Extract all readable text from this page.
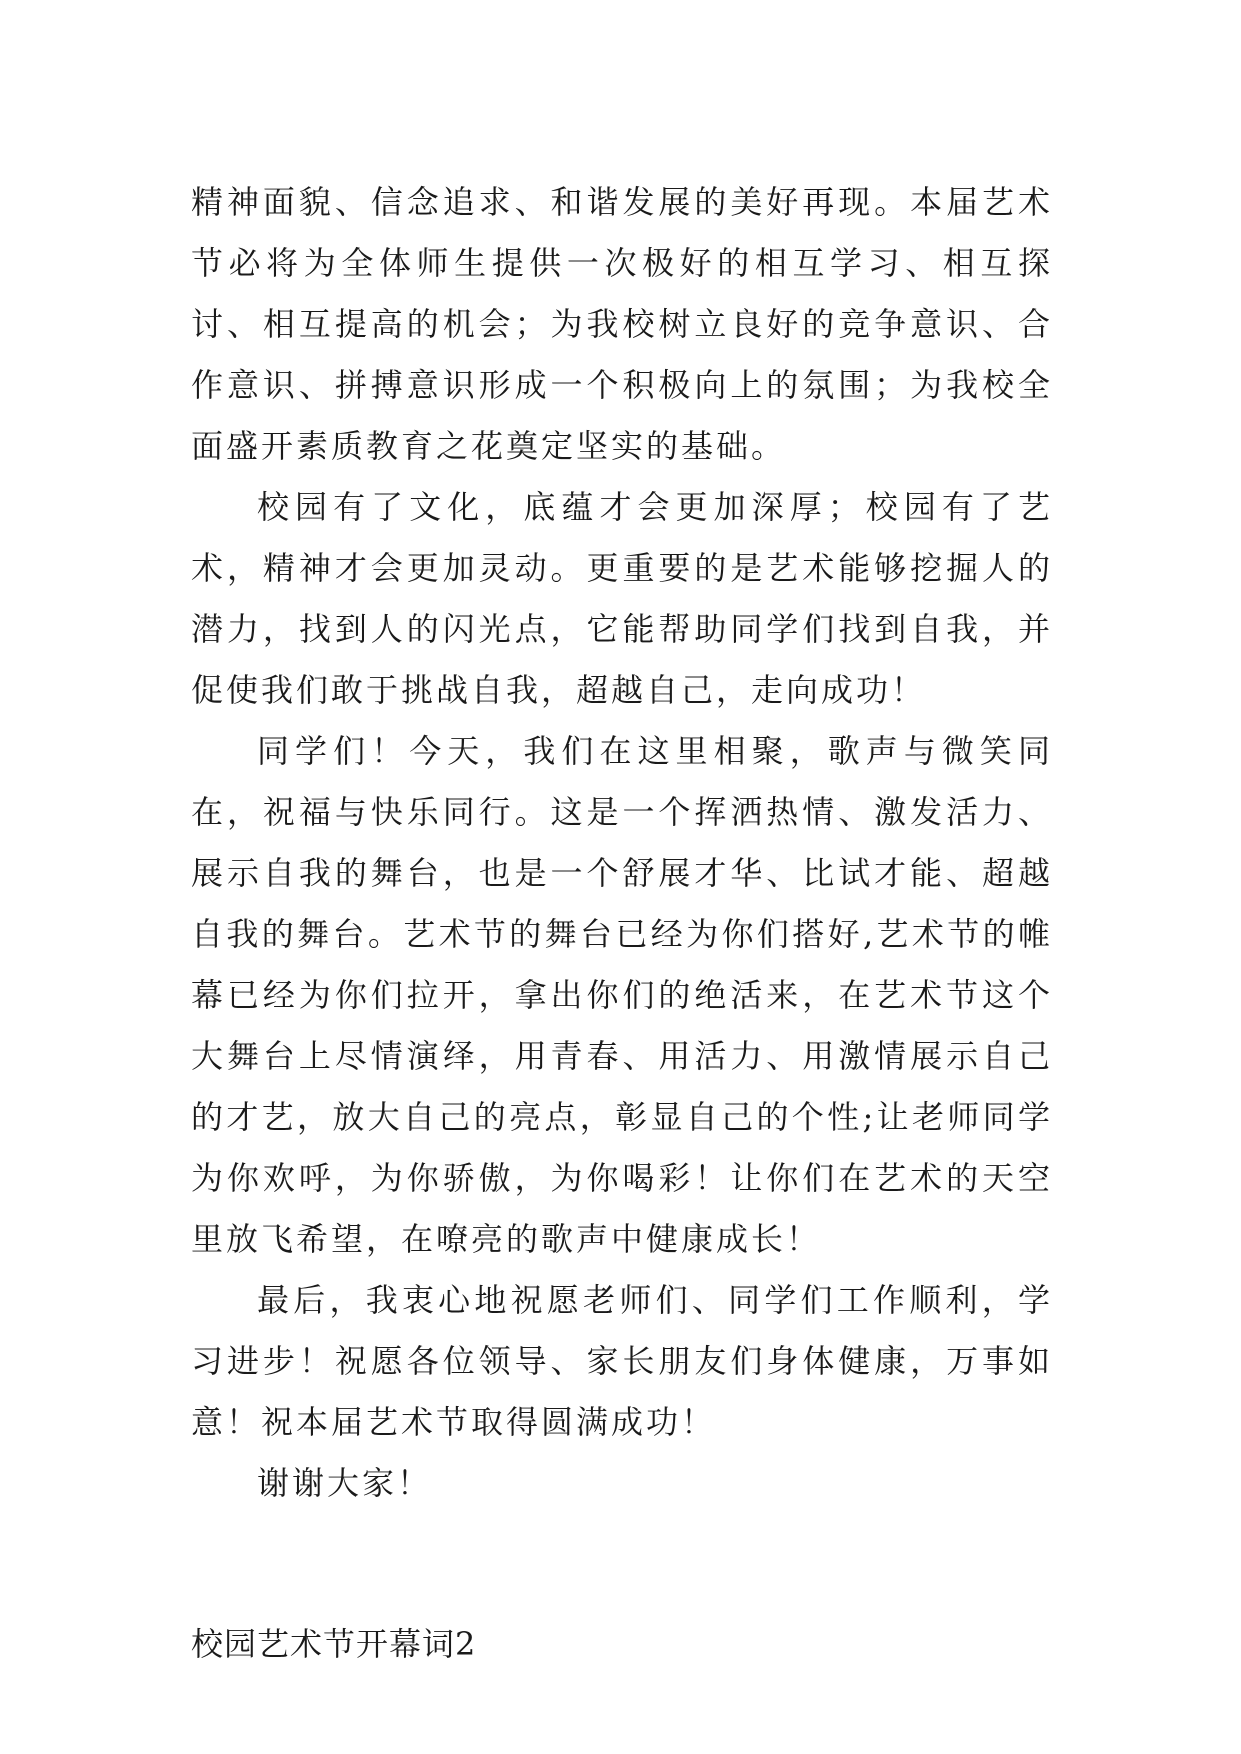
精神面貌、信念追求、和谐发展的美好再现。本届艺术节必将为全体师生提供一次极好的相互学习、相互探讨、相互提高的机会；为我校树立良好的竞争意识、合作意识、拼搏意识形成一个积极向上的氛围；为我校全面盛开素质教育之花奠定坚实的基础。

校园有了文化，底蕴才会更加深厚；校园有了艺术，精神才会更加灵动。更重要的是艺术能够挖掘人的潜力，找到人的闪光点，它能帮助同学们找到自我，并促使我们敢于挑战自我，超越自己，走向成功！

同学们！今天，我们在这里相聚，歌声与微笑同在，祝福与快乐同行。这是一个挥洒热情、激发活力、展示自我的舞台，也是一个舒展才华、比试才能、超越自我的舞台。艺术节的舞台已经为你们搭好,艺术节的帷幕已经为你们拉开，拿出你们的绝活来，在艺术节这个大舞台上尽情演绎，用青春、用活力、用激情展示自己的才艺，放大自己的亮点，彰显自己的个性;让老师同学为你欢呼，为你骄傲，为你喝彩！让你们在艺术的天空里放飞希望，在嘹亮的歌声中健康成长！

最后，我衷心地祝愿老师们、同学们工作顺利，学习进步！祝愿各位领导、家长朋友们身体健康，万事如意！祝本届艺术节取得圆满成功！

谢谢大家！

校园艺术节开幕词2
